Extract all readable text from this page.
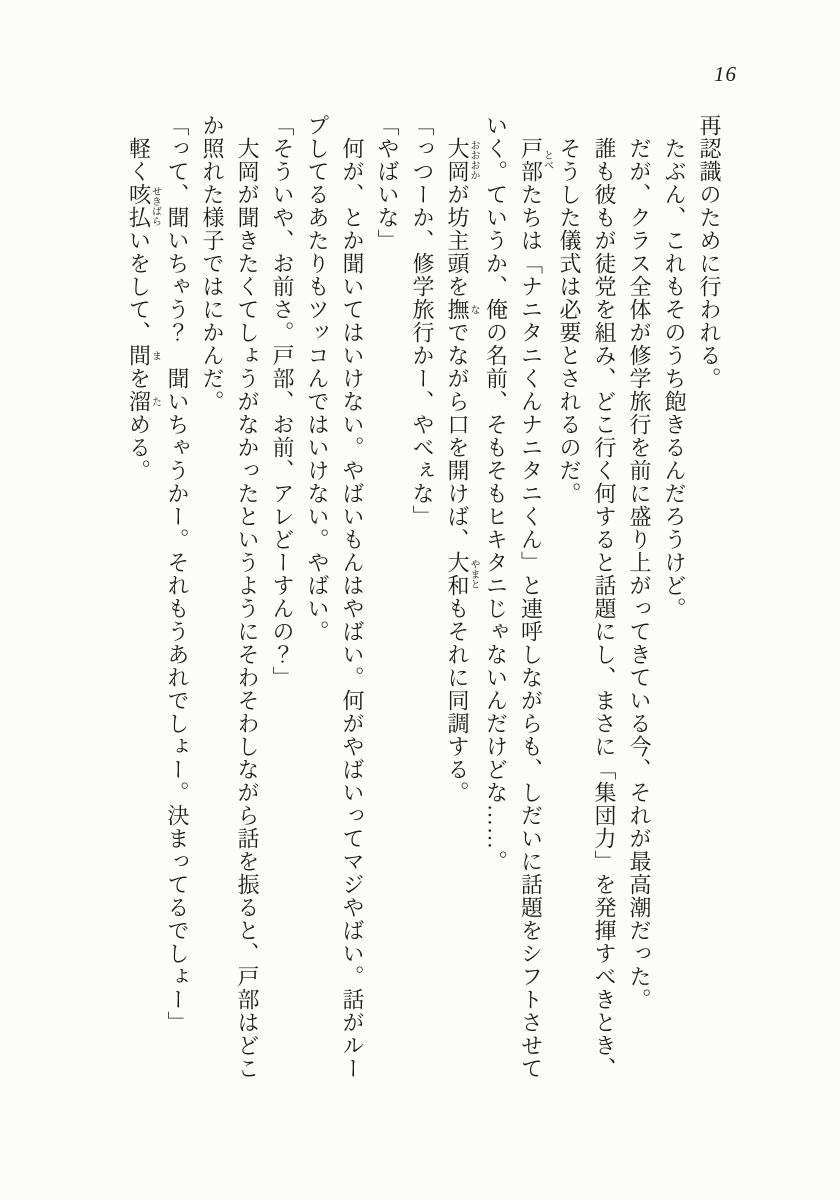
16

再認識のために行われる。

たぶん、これもそのうち飽きるんだろうけど。

だが、クラス全体が修学旅行を前に盛り上がってきている今、それが最高潮だった。

誰も彼もが徒党を組み、どこ行く何すると話題にし、まさに「集団力」を発揮すべきとき、

そうした儀式は必要とされるのだ。

戸部とべたちは「ナニタニくんナニタニくん」と連呼しながらも、しだいに話題をシフトさせて

いく。ていうか、俺の名前、そもそもヒキタニじゃないんだけどな……。

大岡おおおかが坊主頭を撫なでながら口を開けば、大和やまともそれに同調する。

「っつーか、修学旅行かー、やべぇな」

「やばいな」

何が、とか聞いてはいけない。やばいもんはやばい。何がやばいってマジやばい。話がルー

プしてるあたりもツッコんではいけない。やばい。

「そういや、お前さ。戸部、お前、アレどーすんの？」

大岡が聞きたくてしょうがなかったというようにそわそわしながら話を振ると、戸部はどこ

か照れた様子ではにかんだ。

「って、聞いちゃう？　聞いちゃうかー。それもうあれでしょー。決まってるでしょー」

軽く咳払せきばらいをして、間まを溜ためる。
